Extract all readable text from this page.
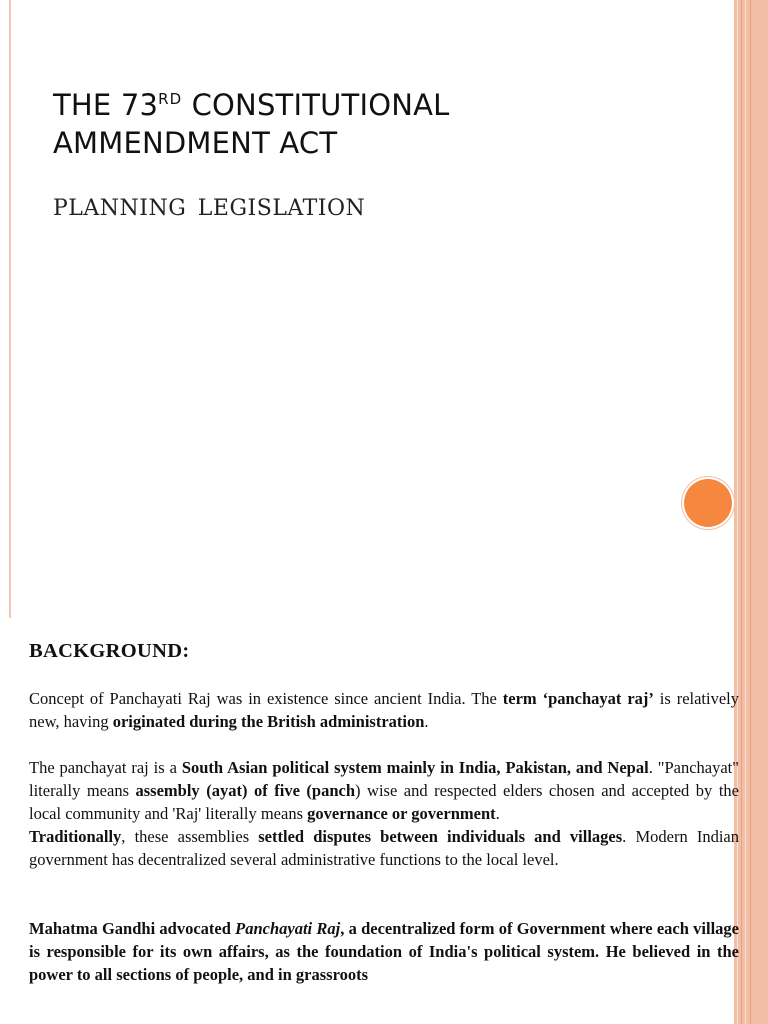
THE 73RD CONSTITUTIONAL
AMMENDMENT ACT

PLANNING LEGISLATION

BACKGROUND:

Concept of Panchayati Raj was in existence since ancient India. The term ‘panchayat raj’ is relatively new, having originated during the British administration.

The panchayat raj is a South Asian political system mainly in India, Pakistan, and Nepal. "Panchayat" literally means assembly (ayat) of five (panch) wise and respected elders chosen and accepted by the local community and 'Raj' literally means governance or government.

Traditionally, these assemblies settled disputes between individuals and villages. Modern Indian government has decentralized several administrative functions to the local level.

Mahatma Gandhi advocated Panchayati Raj, a decentralized form of Government where each village is responsible for its own affairs, as the foundation of India's political system. He believed in the power to all sections of people, and in grassroots
